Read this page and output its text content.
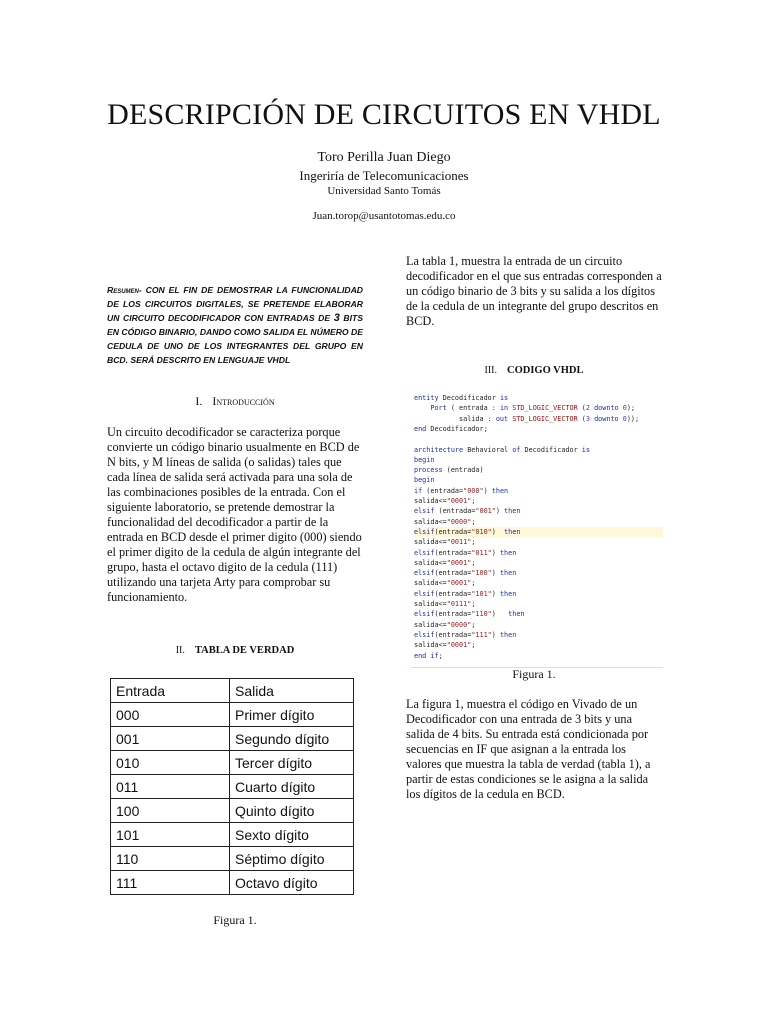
DESCRIPCIÓN DE CIRCUITOS EN VHDL
Toro Perilla Juan Diego
Ingeriría de Telecomunicaciones
Universidad Santo Tomás
Juan.torop@usantotomas.edu.co
Resumen- CON EL FIN DE DEMOSTRAR LA FUNCIONALIDAD DE LOS CIRCUITOS DIGITALES, SE PRETENDE ELABORAR UN CIRCUITO DECODIFICADOR CON ENTRADAS DE 3 BITS EN CÓDIGO BINARIO, DANDO COMO SALIDA EL NÚMERO DE CEDULA DE UNO DE LOS INTEGRANTES DEL GRUPO EN BCD. SERÁ DESCRITO EN LENGUAJE VHDL
I. Introducción
Un circuito decodificador se caracteriza porque convierte un código binario usualmente en BCD de N bits, y M líneas de salida (o salidas) tales que cada línea de salida será activada para una sola de las combinaciones posibles de la entrada. Con el siguiente laboratorio, se pretende demostrar la funcionalidad del decodificador a partir de la entrada en BCD desde el primer digito (000) siendo el primer digito de la cedula de algún integrante del grupo, hasta el octavo digito de la cedula (111) utilizando una tarjeta Arty para comprobar su funcionamiento.
II. TABLA DE VERDAD
Entrada	Salida
000	Primer dígito
001	Segundo dígito
010	Tercer dígito
011	Cuarto dígito
100	Quinto dígito
101	Sexto dígito
110	Séptimo dígito
111	Octavo dígito
Figura 1.
La tabla 1, muestra la entrada de un circuito decodificador en el que sus entradas corresponden a un código binario de 3 bits y su salida a los dígitos de la cedula de un integrante del grupo descritos en BCD.
III. CODIGO VHDL
entity Decodificador is
Port ( entrada : in STD_LOGIC_VECTOR (2 downto 0);
salida : out STD_LOGIC_VECTOR (3 downto 0));
end Decodificador;
architecture Behavioral of Decodificador is
begin
process (entrada)
begin
if (entrada="000") then
salida<="0001";
elsif (entrada="001") then
salida<="0000";
elsif(entrada="010")  then
salida<="0011";
elsif(entrada="011") then
salida<="0001";
elsif(entrada="100") then
salida<="0001";
elsif(entrada="101") then
salida<="0111";
elsif(entrada="110")   then
salida<="0000";
elsif(entrada="111") then
salida<="0001";
end if;
Figura 1.
La figura 1, muestra el código en Vivado de un Decodificador con una entrada de 3 bits y una salida de 4 bits. Su entrada está condicionada por secuencias en IF que asignan a la entrada los valores que muestra la tabla de verdad (tabla 1), a partir de estas condiciones se le asigna a la salida los dígitos de la cedula en BCD.
